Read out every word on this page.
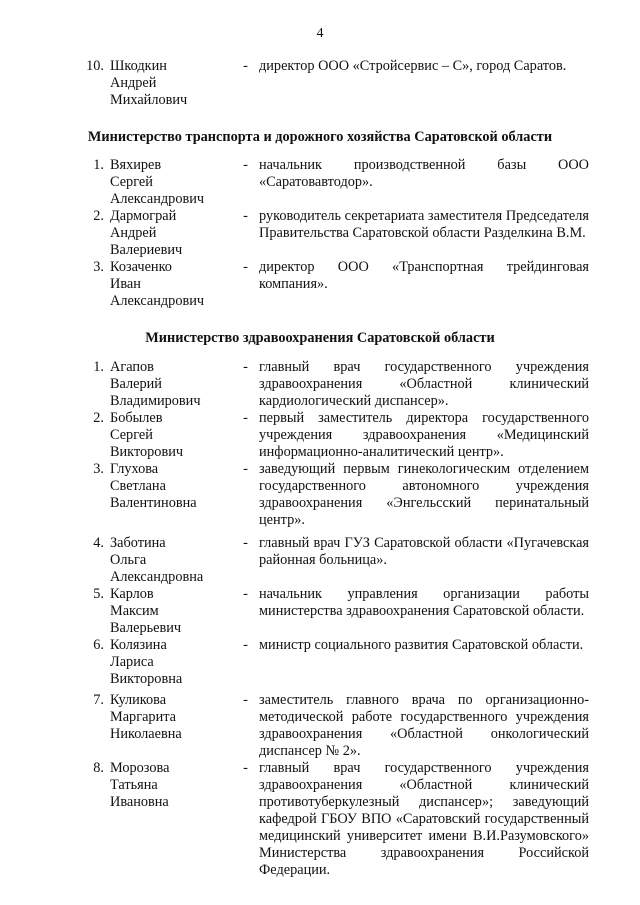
4
10. Шкодкин
Андрей
Михайлович
- директор ООО «Стройсервис – С», город Саратов.
Министерство транспорта и дорожного хозяйства Саратовской области
1. Вяхирев
Сергей
Александрович
- начальник производственной базы ООО «Саратовавтодор».
2. Дармограй
Андрей
Валериевич
- руководитель секретариата заместителя Председателя Правительства Саратовской области Разделкина В.М.
3. Козаченко
Иван
Александрович
- директор ООО «Транспортная трейдинговая компания».
Министерство здравоохранения Саратовской области
1. Агапов
Валерий
Владимирович
- главный врач государственного учреждения здравоохранения «Областной клинический кардиологический диспансер».
2. Бобылев
Сергей
Викторович
- первый заместитель директора государственного учреждения здравоохранения «Медицинский информационно-аналитический центр».
3. Глухова
Светлана
Валентиновна
- заведующий первым гинекологическим отделением государственного автономного учреждения здравоохранения «Энгельсский перинатальный центр».
4. Заботина
Ольга
Александровна
- главный врач ГУЗ Саратовской области «Пугачевская районная больница».
5. Карлов
Максим
Валерьевич
- начальник управления организации работы министерства здравоохранения Саратовской области.
6. Колязина
Лариса
Викторовна
- министр социального развития Саратовской области.
7. Куликова
Маргарита
Николаевна
- заместитель главного врача по организационно-методической работе государственного учреждения здравоохранения «Областной онкологический диспансер № 2».
8. Морозова
Татьяна
Ивановна
- главный врач государственного учреждения здравоохранения «Областной клинический противотуберкулезный диспансер»; заведующий кафедрой ГБОУ ВПО «Саратовский государственный медицинский университет имени В.И.Разумовского» Министерства здравоохранения Российской Федерации.
